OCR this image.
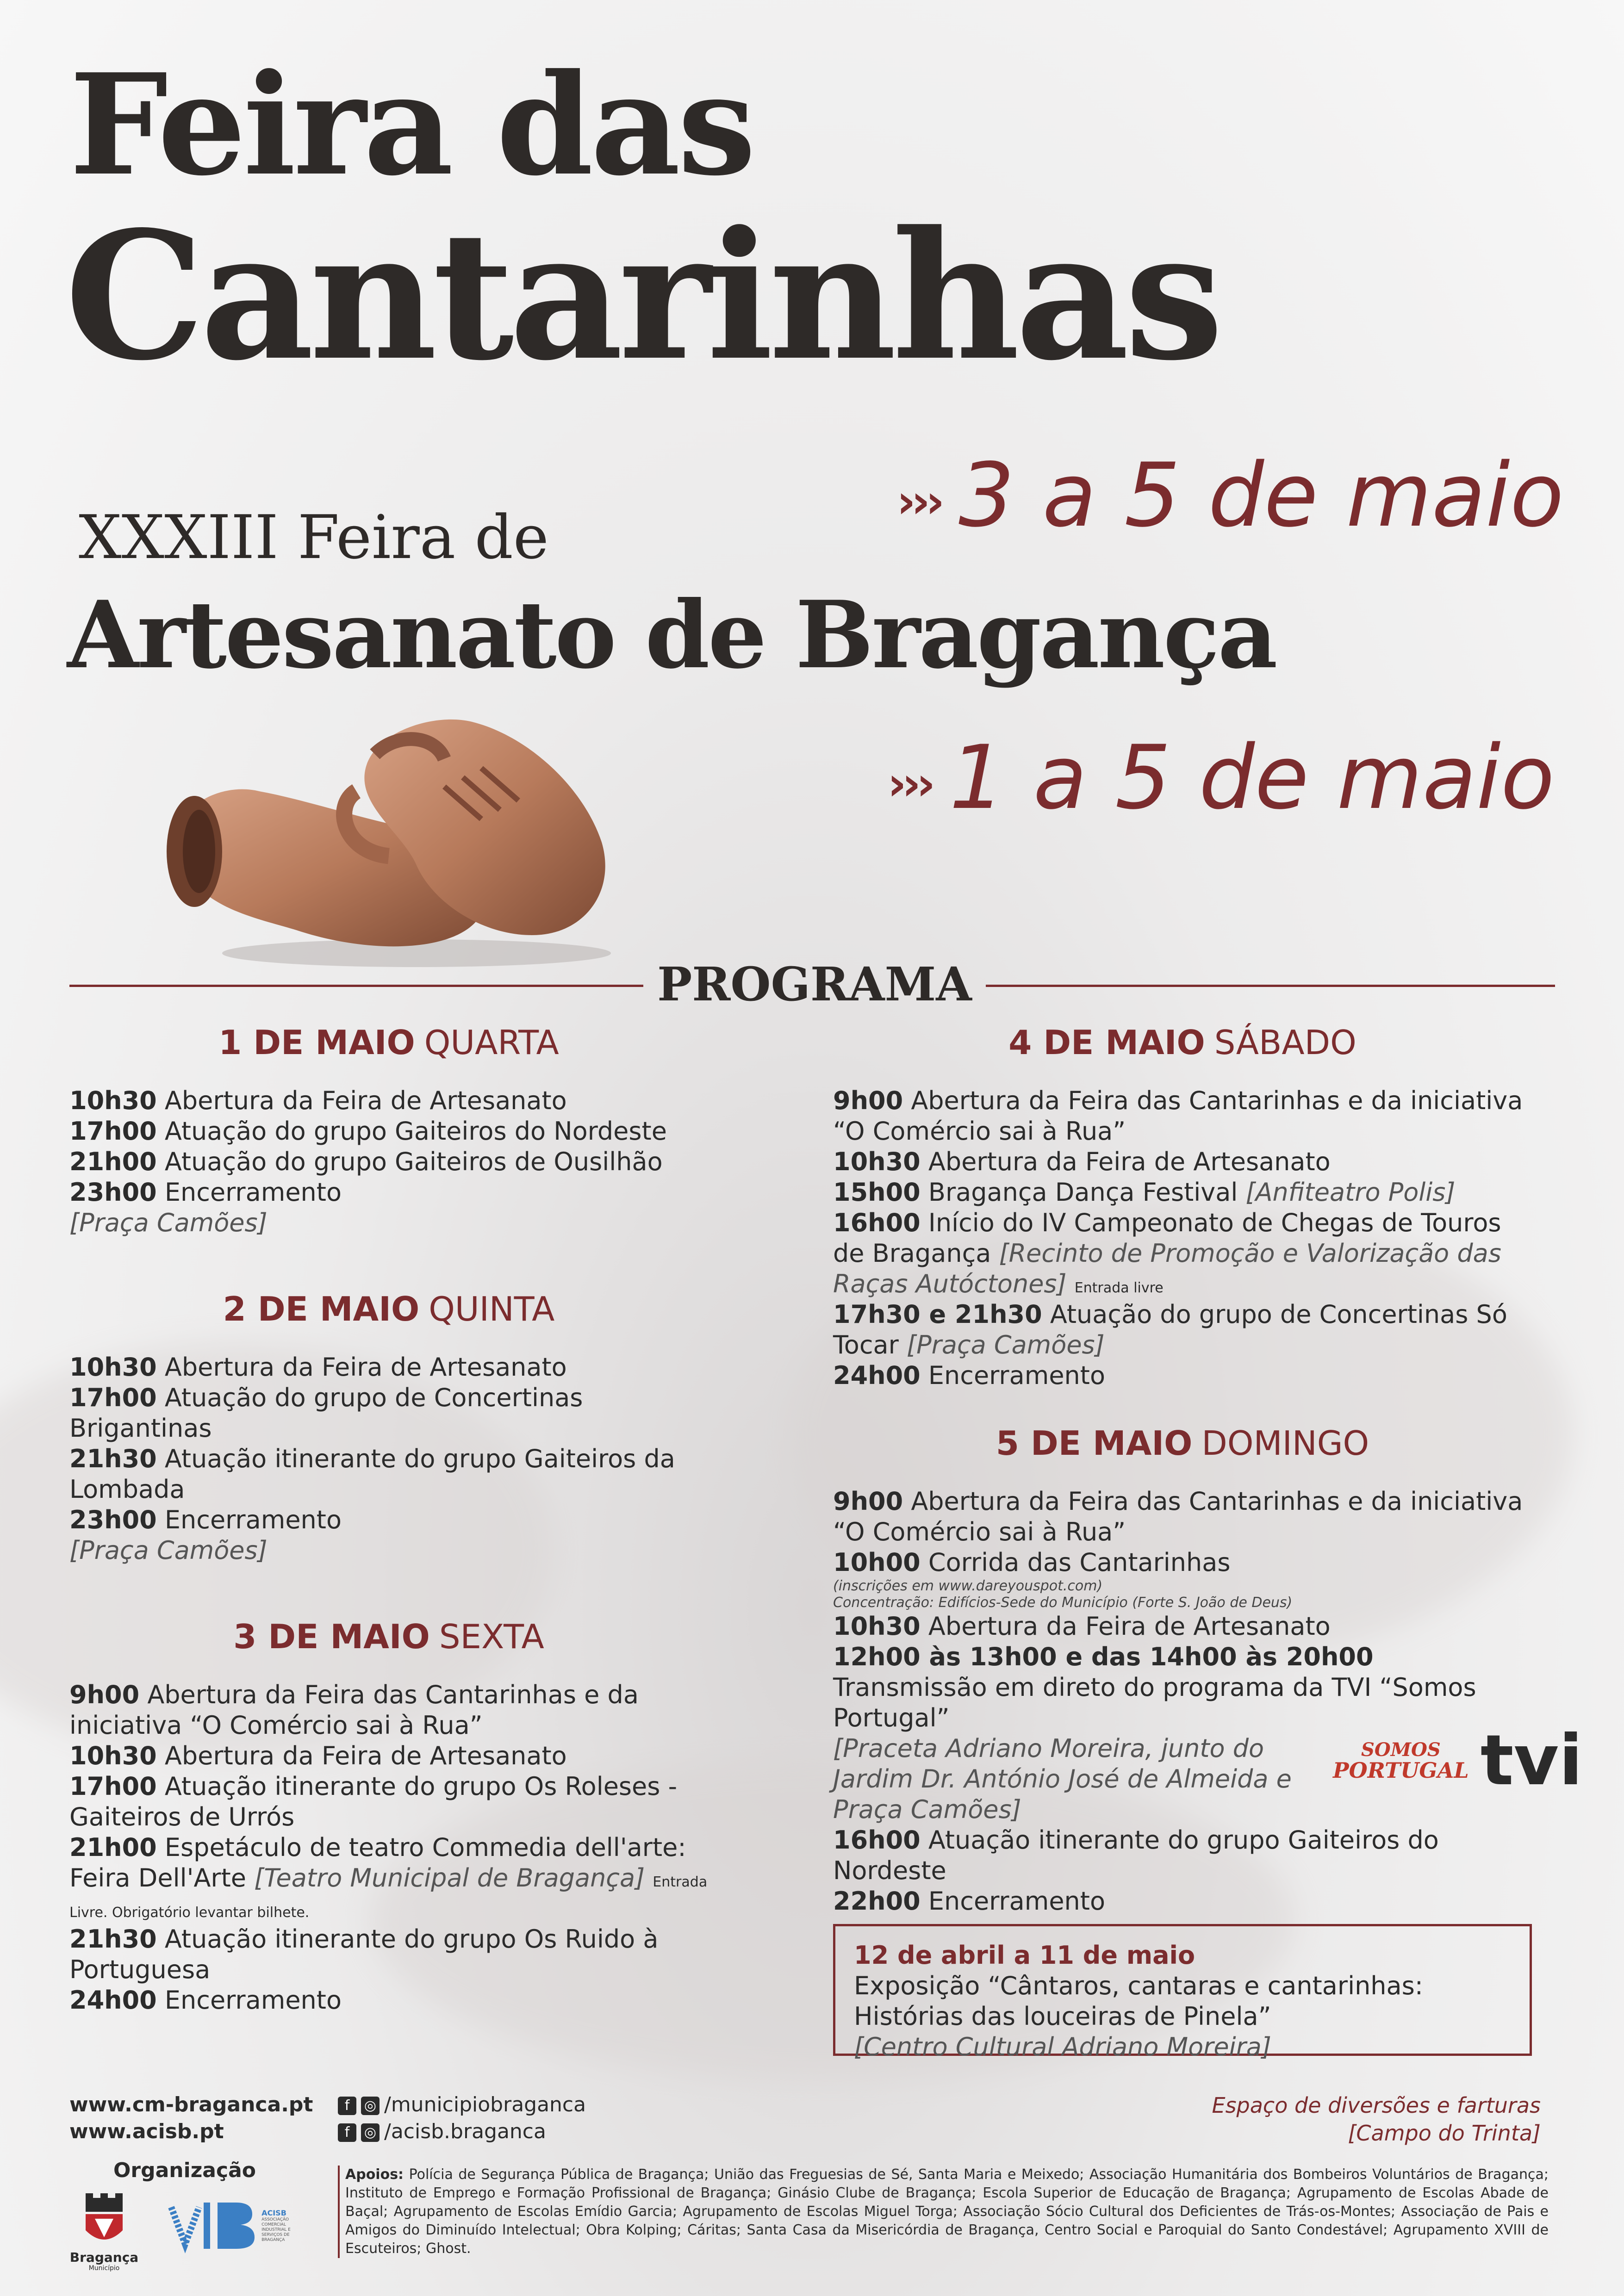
Feira das
Cantarinhas
››› 3 a 5 de maio
XXXIII Feira de
Artesanato de Bragança
››› 1 a 5 de maio
PROGRAMA
1 DE MAIO QUARTA

10h30 Abertura da Feira de Artesanato

17h00 Atuação do grupo Gaiteiros do Nordeste

21h00 Atuação do grupo Gaiteiros de Ousilhão

23h00 Encerramento

[Praça Camões]

2 DE MAIO QUINTA

10h30 Abertura da Feira de Artesanato

17h00 Atuação do grupo de Concertinas Brigantinas

21h30 Atuação itinerante do grupo Gaiteiros da Lombada

23h00 Encerramento

[Praça Camões]

3 DE MAIO SEXTA

9h00 Abertura da Feira das Cantarinhas e da iniciativa “O Comércio sai à Rua”

10h30 Abertura da Feira de Artesanato

17h00 Atuação itinerante do grupo Os Roleses - Gaiteiros de Urrós

21h00 Espetáculo de teatro Commedia dell'arte: Feira Dell'Arte [Teatro Municipal de Bragança] Entrada Livre. Obrigatório levantar bilhete.

21h30 Atuação itinerante do grupo Os Ruido à Portuguesa

24h00 Encerramento

4 DE MAIO SÁBADO

9h00 Abertura da Feira das Cantarinhas e da iniciativa “O Comércio sai à Rua”

10h30 Abertura da Feira de Artesanato

15h00 Bragança Dança Festival [Anfiteatro Polis]

16h00 Início do IV Campeonato de Chegas de Touros de Bragança [Recinto de Promoção e Valorização das Raças Autóctones] Entrada livre

17h30 e 21h30 Atuação do grupo de Concertinas Só Tocar [Praça Camões]

24h00 Encerramento

5 DE MAIO DOMINGO

9h00 Abertura da Feira das Cantarinhas e da iniciativa “O Comércio sai à Rua”

10h00 Corrida das Cantarinhas

(inscrições em www.dareyouspot.com)

Concentração: Edifícios-Sede do Município (Forte S. João de Deus)

10h30 Abertura da Feira de Artesanato

12h00 às 13h00 e das 14h00 às 20h00 Transmissão em direto do programa da TVI “Somos Portugal”

[Praceta Adriano Moreira, junto do Jardim Dr. António José de Almeida e Praça Camões]

16h00 Atuação itinerante do grupo Gaiteiros do Nordeste

22h00 Encerramento

SOMOS
PORTUGAL tvi
12 de abril a 11 de maio
Exposição “Cântaros, cantaras e cantarinhas: Histórias das louceiras de Pinela”
[Centro Cultural Adriano Moreira]
www.cm-braganca.pt
www.acisb.pt
f ◎ /municipiobraganca
f ◎ /acisb.braganca
Espaço de diversões e farturas
[Campo do Trinta]
Organização
Bragança
Município

ACISB
ASSOCIAÇÃO COMERCIAL INDUSTRIAL E SERVIÇOS DE BRAGANÇA
Apoios: Polícia de Segurança Pública de Bragança; União das Freguesias de Sé, Santa Maria e Meixedo; Associação Humanitária dos Bombeiros Voluntários de Bragança; Instituto de Emprego e Formação Profissional de Bragança; Ginásio Clube de Bragança; Escola Superior de Educação de Bragança; Agrupamento de Escolas Abade de Baçal; Agrupamento de Escolas Emídio Garcia; Agrupamento de Escolas Miguel Torga; Associação Sócio Cultural dos Deficientes de Trás-os-Montes; Associação de Pais e Amigos do Diminuído Intelectual; Obra Kolping; Cáritas; Santa Casa da Misericórdia de Bragança, Centro Social e Paroquial do Santo Condestável; Agrupamento XVIII de Escuteiros; Ghost.
